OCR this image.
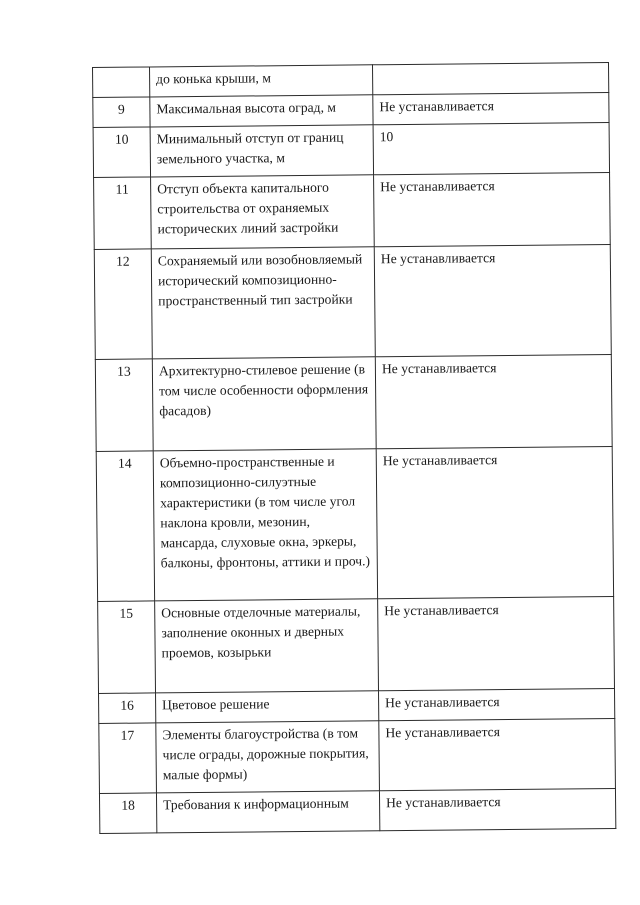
	до конька крыши, м	
9	Максимальная высота оград, м	Не устанавливается
10	Минимальный отступ от границ земельного участка, м	10
11	Отступ объекта капитального строительства от охраняемых исторических линий застройки	Не устанавливается
12	Сохраняемый или возобновляемый исторический композиционно-пространственный тип застройки	Не устанавливается
13	Архитектурно-стилевое решение (в том числе особенности оформления фасадов)	Не устанавливается
14	Объемно-пространственные и композиционно-силуэтные характеристики (в том числе угол наклона кровли, мезонин, мансарда, слуховые окна, эркеры, балконы, фронтоны, аттики и проч.)	Не устанавливается
15	Основные отделочные материалы, заполнение оконных и дверных проемов, козырьки	Не устанавливается
16	Цветовое решение	Не устанавливается
17	Элементы благоустройства (в том числе ограды, дорожные покрытия, малые формы)	Не устанавливается
18	Требования к информационным	Не устанавливается
